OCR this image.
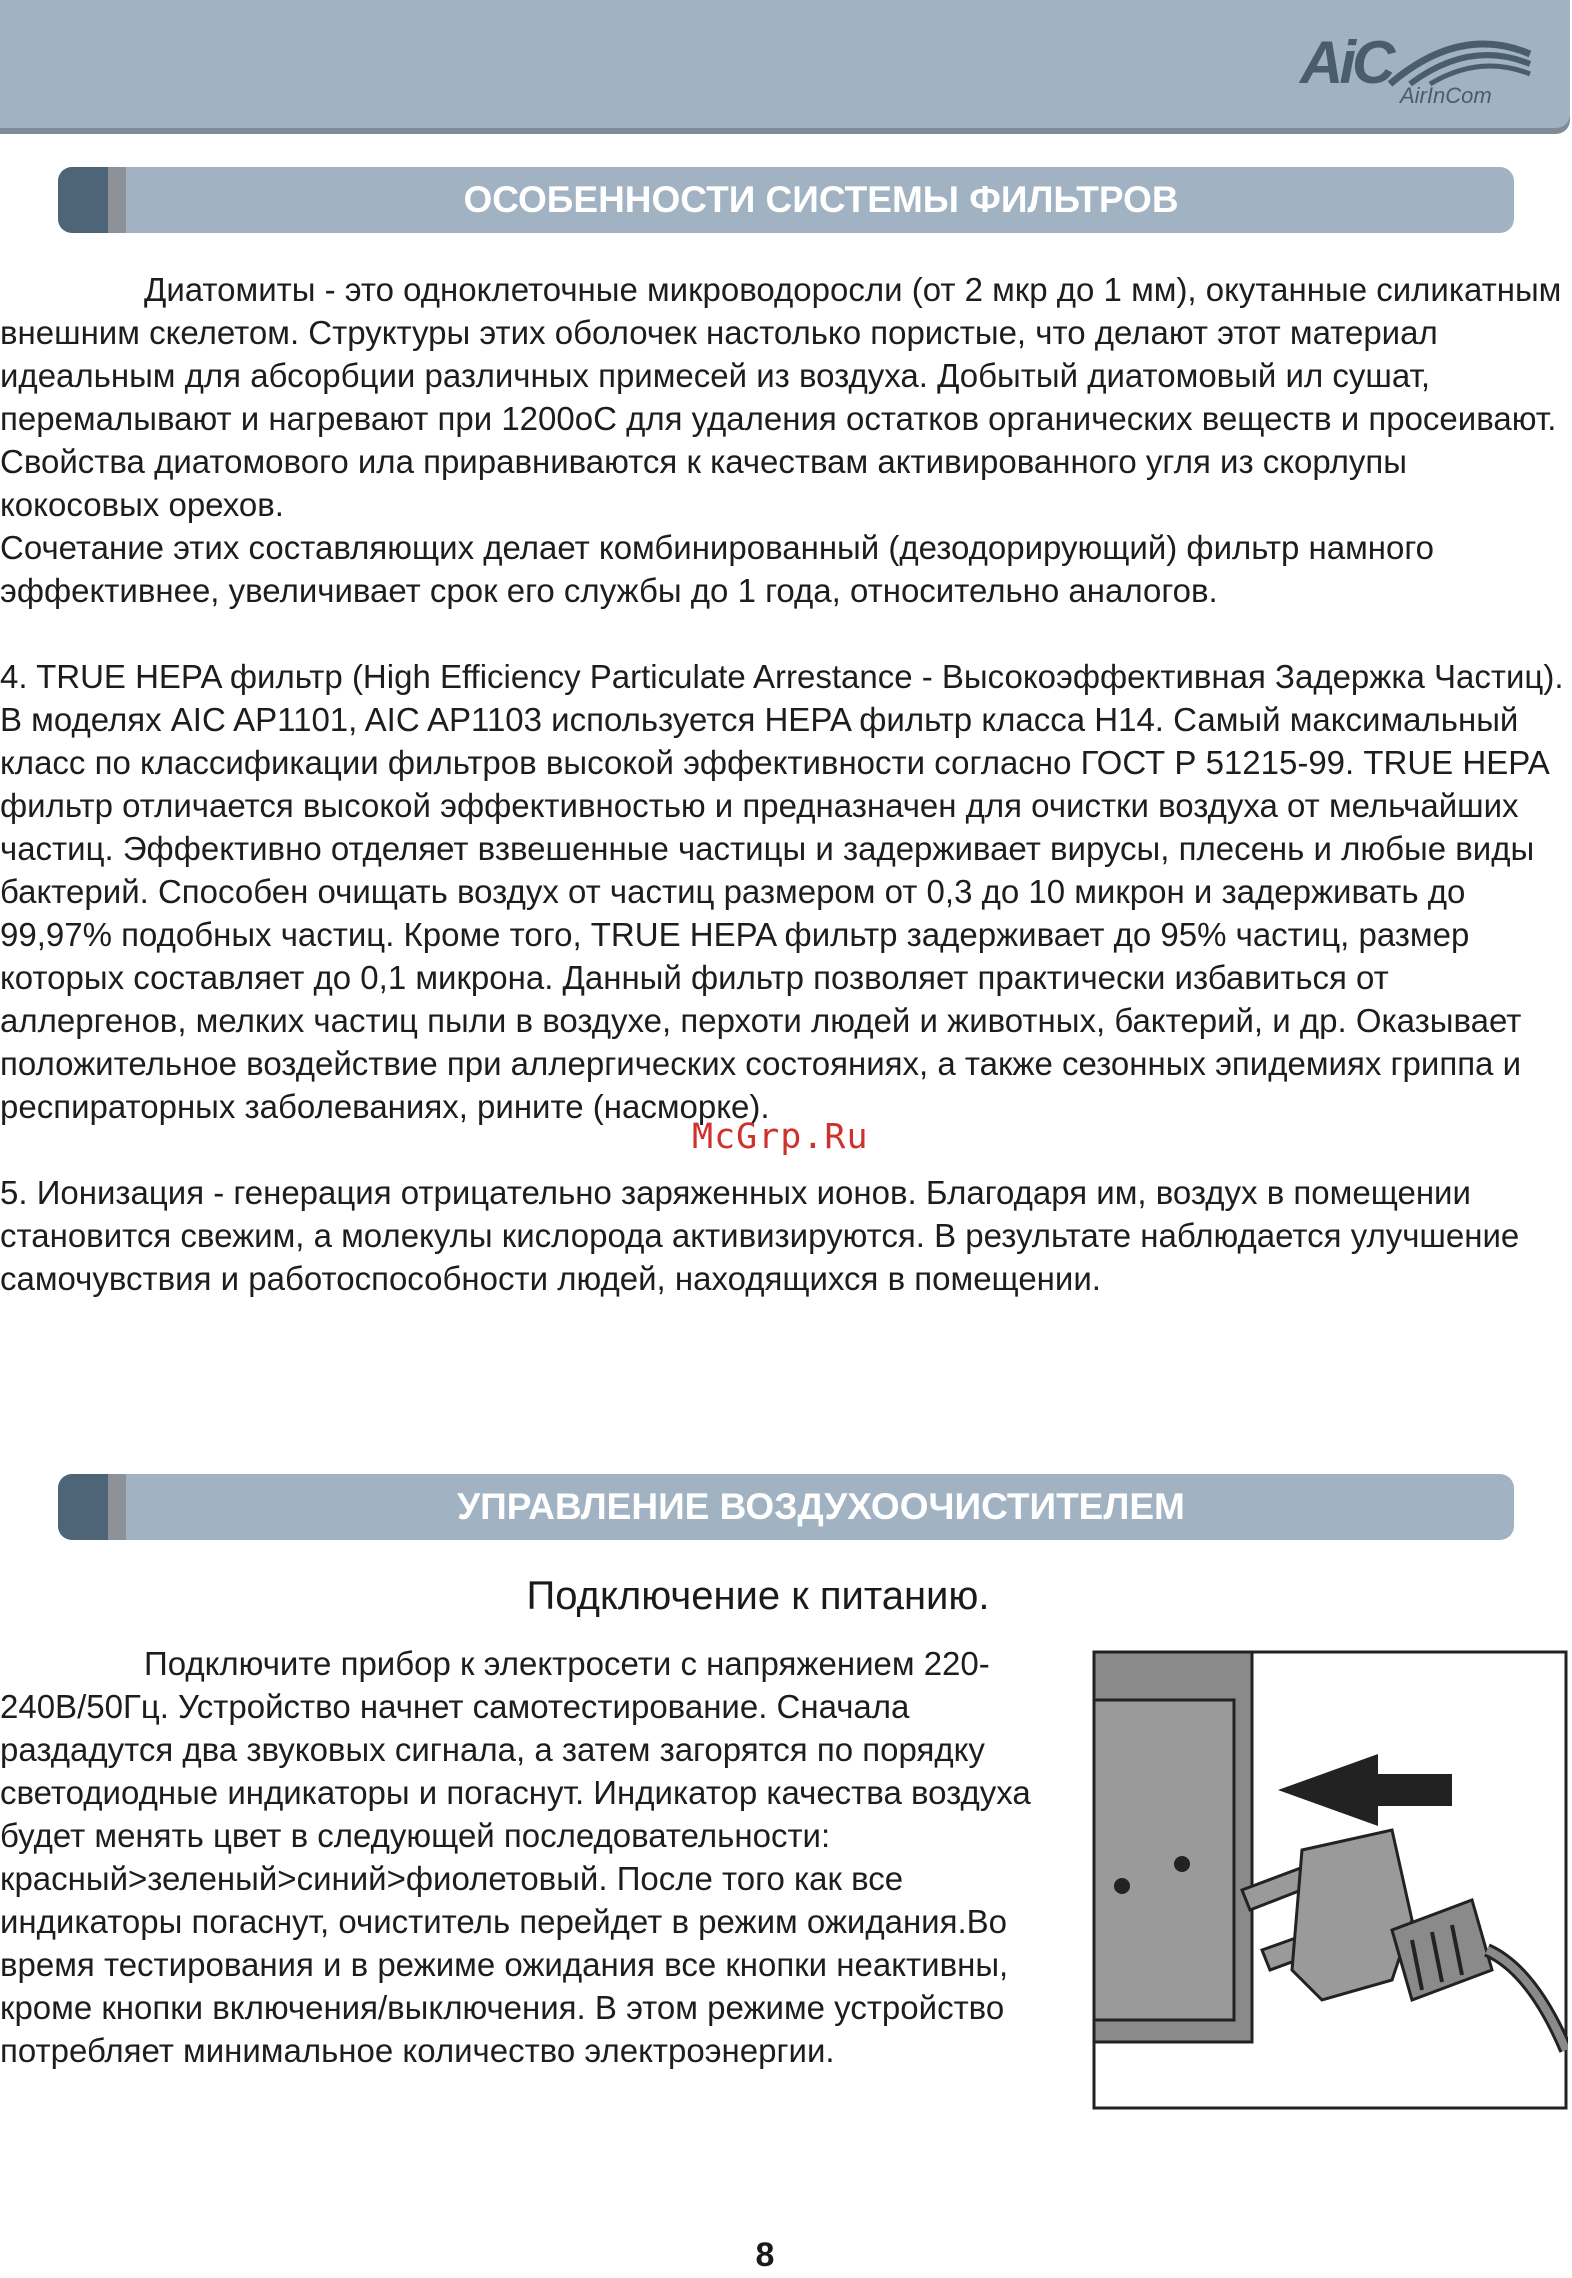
AiC AirInCom
ОСОБЕННОСТИ СИСТЕМЫ ФИЛЬТРОВ

Диатомиты - это одноклеточные микроводоросли (от 2 мкр до 1 мм), окутанные силикатным внешним скелетом. Структуры этих оболочек настолько пористые, что делают этот материал идеальным для абсорбции различных примесей из воздуха. Добытый диатомовый ил сушат, перемалывают и нагревают при 1200оС для удаления остатков органических веществ и просеивают. Свойства диатомового ила приравниваются к качествам активированного угля из скорлупы кокосовых орехов.

Сочетание этих составляющих делает комбинированный (дезодорирующий) фильтр намного эффективнее, увеличивает срок его службы до 1 года, относительно аналогов.

4. TRUE HEPA фильтр (High Efficiency Particulate Arrestance - Высокоэффективная Задержка Частиц). В моделях AIC AP1101, AIC AP1103 используется HEPA фильтр класса H14. Самый максимальный класс по классификации фильтров высокой эффективности согласно ГОСТ Р 51215-99. TRUE HEPA фильтр отличается высокой эффективностью и предназначен для очистки воздуха от мельчайших частиц. Эффективно отделяет взвешенные частицы и задерживает вирусы, плесень и любые виды бактерий. Способен очищать воздух от частиц размером от 0,3 до 10 микрон и задерживать до 99,97% подобных частиц. Кроме того, TRUE HEPA фильтр задерживает до 95% частиц, размер которых составляет до 0,1 микрона. Данный фильтр позволяет практически избавиться от аллергенов, мелких частиц пыли в воздухе, перхоти людей и животных, бактерий, и др. Оказывает положительное воздействие при аллергических состояниях, а также сезонных эпидемиях гриппа и респираторных заболеваниях, рините (насморке).

5. Ионизация - генерация отрицательно заряженных ионов. Благодаря им, воздух в помещении становится свежим, а молекулы кислорода активизируются. В результате наблюдается улучшение самочувствия и работоспособности людей, находящихся в помещении.

McGrp.Ru
УПРАВЛЕНИЕ ВОЗДУХООЧИСТИТЕЛЕМ
Подключение к питанию.

Подключите прибор к электросети с напряжением 220-240В/50Гц. Устройство начнет самотестирование. Сначала раздадутся два звуковых сигнала, а затем загорятся по порядку светодиодные индикаторы и погаснут. Индикатор качества воздуха будет менять цвет в следующей последовательности: красный>зеленый>синий>фиолетовый. После того как все индикаторы погаснут, очиститель перейдет в режим ожидания.Во время тестирования и в режиме ожидания все кнопки неактивны, кроме кнопки включения/выключения. В этом режиме устройство потребляет минимальное количество электроэнергии.

8
